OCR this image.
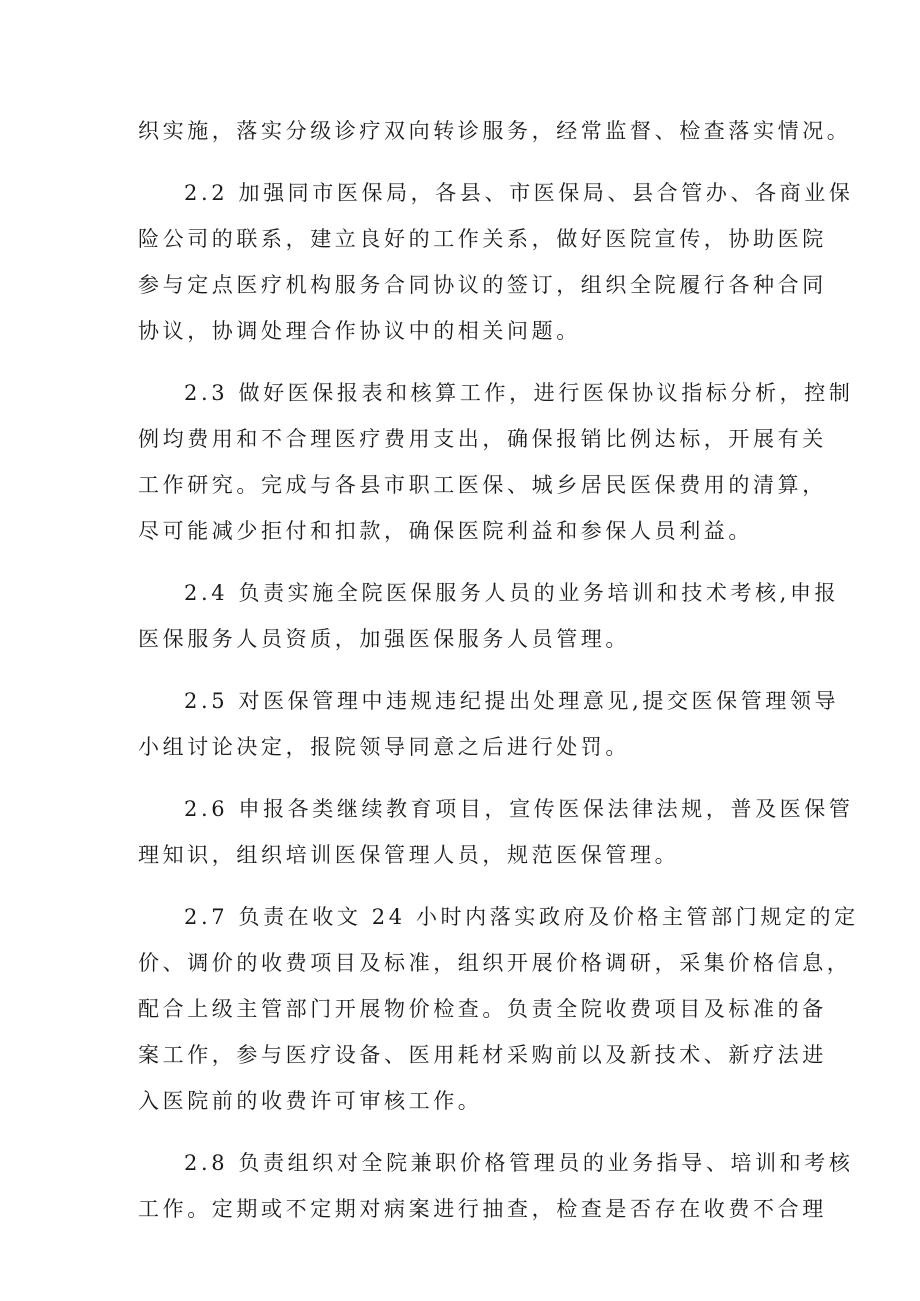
织实施，落实分级诊疗双向转诊服务，经常监督、检查落实情况。

2.2 加强同市医保局，各县、市医保局、县合管办、各商业保
险公司的联系，建立良好的工作关系，做好医院宣传，协助医院
参与定点医疗机构服务合同协议的签订，组织全院履行各种合同
协议，协调处理合作协议中的相关问题。

2.3 做好医保报表和核算工作，进行医保协议指标分析，控制
例均费用和不合理医疗费用支出，确保报销比例达标，开展有关
工作研究。完成与各县市职工医保、城乡居民医保费用的清算，
尽可能减少拒付和扣款，确保医院利益和参保人员利益。

2.4 负责实施全院医保服务人员的业务培训和技术考核,申报
医保服务人员资质，加强医保服务人员管理。

2.5 对医保管理中违规违纪提出处理意见,提交医保管理领导
小组讨论决定，报院领导同意之后进行处罚。

2.6 申报各类继续教育项目，宣传医保法律法规，普及医保管
理知识，组织培训医保管理人员，规范医保管理。

2.7 负责在收文 24 小时内落实政府及价格主管部门规定的定
价、调价的收费项目及标准，组织开展价格调研，采集价格信息，
配合上级主管部门开展物价检查。负责全院收费项目及标准的备
案工作，参与医疗设备、医用耗材采购前以及新技术、新疗法进
入医院前的收费许可审核工作。

2.8 负责组织对全院兼职价格管理员的业务指导、培训和考核
工作。定期或不定期对病案进行抽查，检查是否存在收费不合理
